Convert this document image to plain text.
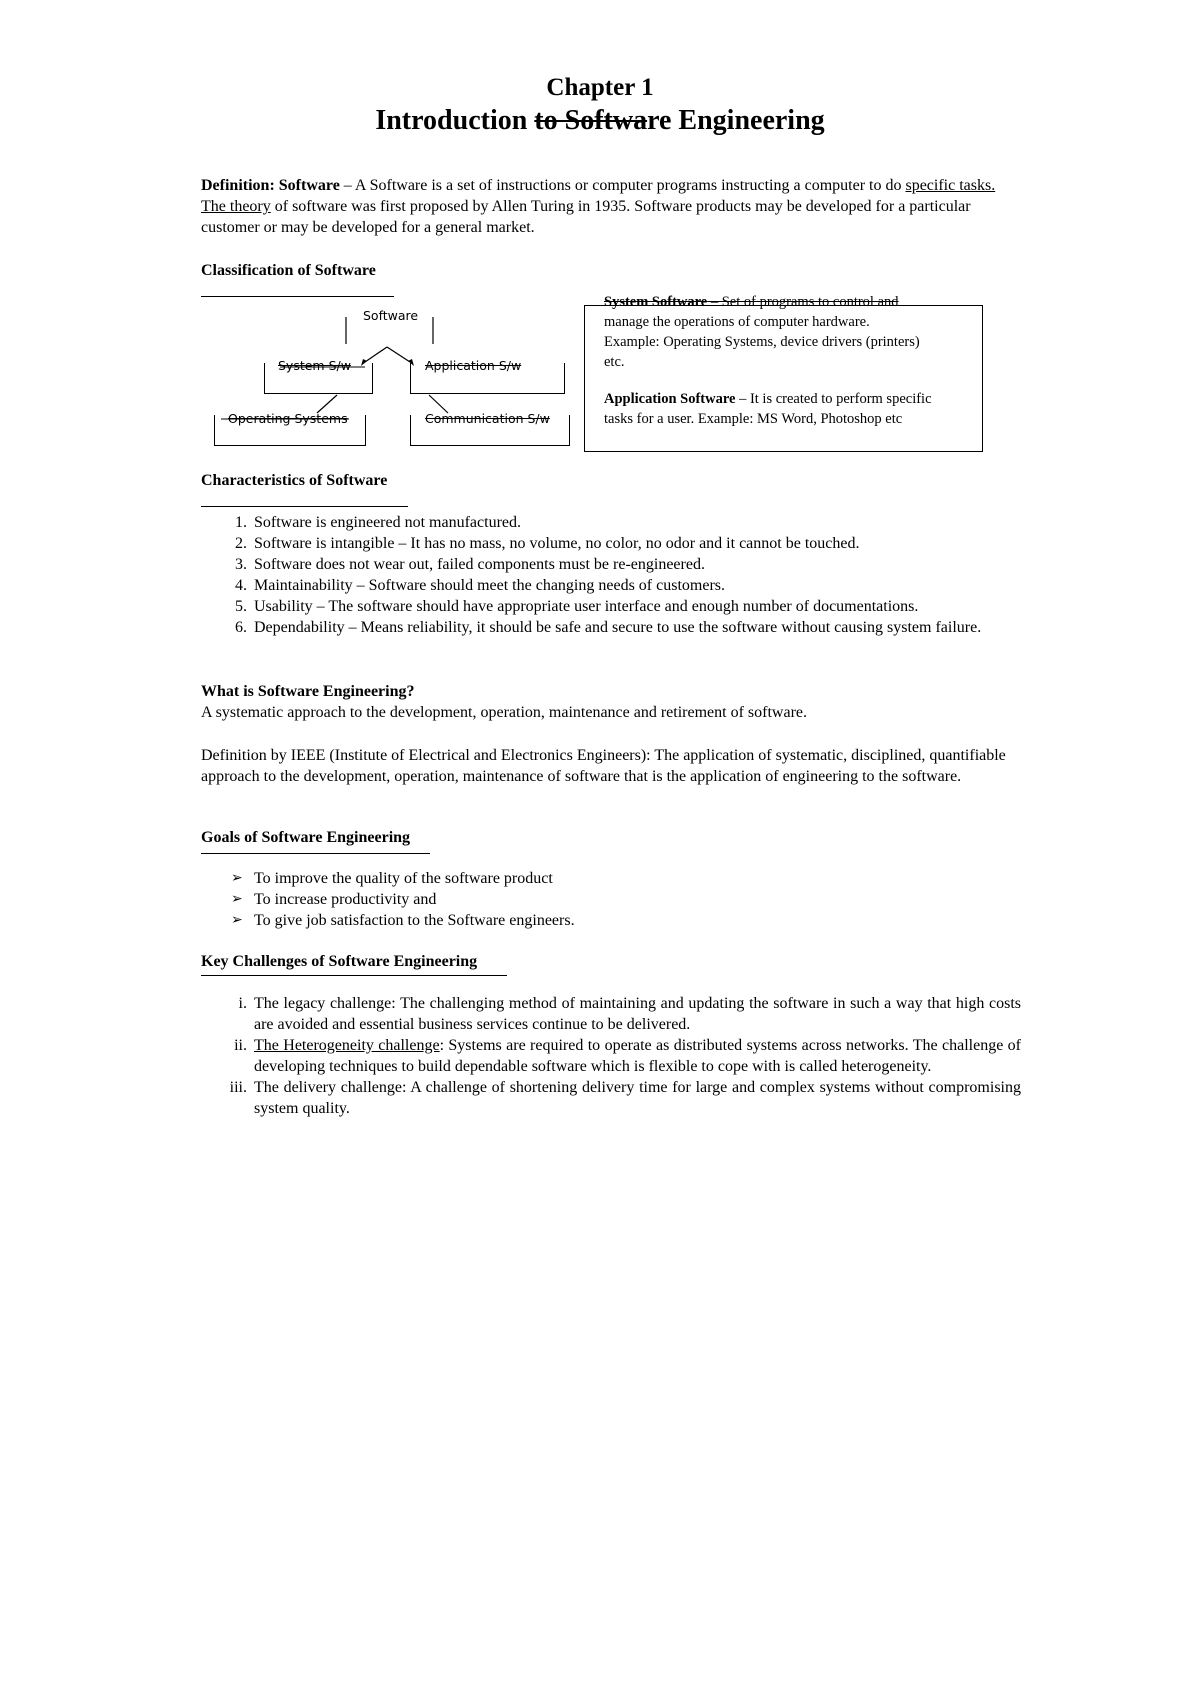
Chapter 1
Introduction to Software Engineering
Definition: Software – A Software is a set of instructions or computer programs instructing a computer to do specific tasks. The theory of software was first proposed by Allen Turing in 1935. Software products may be developed for a particular customer or may be developed for a general market.
Classification of Software
Software
System S/w	Application S/w
Operating Systems	Communication S/w
System Software – Set of programs to control and
manage the operations of computer hardware.
Example: Operating Systems, device drivers (printers)
etc.
Application Software – It is created to perform specific
tasks for a user. Example: MS Word, Photoshop etc
Characteristics of Software
1. Software is engineered not manufactured.
2. Software is intangible – It has no mass, no volume, no color, no odor and it cannot be touched.
3. Software does not wear out, failed components must be re-engineered.
4. Maintainability – Software should meet the changing needs of customers.
5. Usability – The software should have appropriate user interface and enough number of documentations.
6. Dependability – Means reliability, it should be safe and secure to use the software without causing system failure.
What is Software Engineering?
A systematic approach to the development, operation, maintenance and retirement of software.
Definition by IEEE (Institute of Electrical and Electronics Engineers): The application of systematic, disciplined, quantifiable approach to the development, operation, maintenance of software that is the application of engineering to the software.
Goals of Software Engineering
➢ To improve the quality of the software product
➢ To increase productivity and
➢ To give job satisfaction to the Software engineers.
Key Challenges of Software Engineering
i. The legacy challenge: The challenging method of maintaining and updating the software in such a way that high costs are avoided and essential business services continue to be delivered.
ii. The Heterogeneity challenge: Systems are required to operate as distributed systems across networks. The challenge of developing techniques to build dependable software which is flexible to cope with is called heterogeneity.
iii. The delivery challenge: A challenge of shortening delivery time for large and complex systems without compromising system quality.
